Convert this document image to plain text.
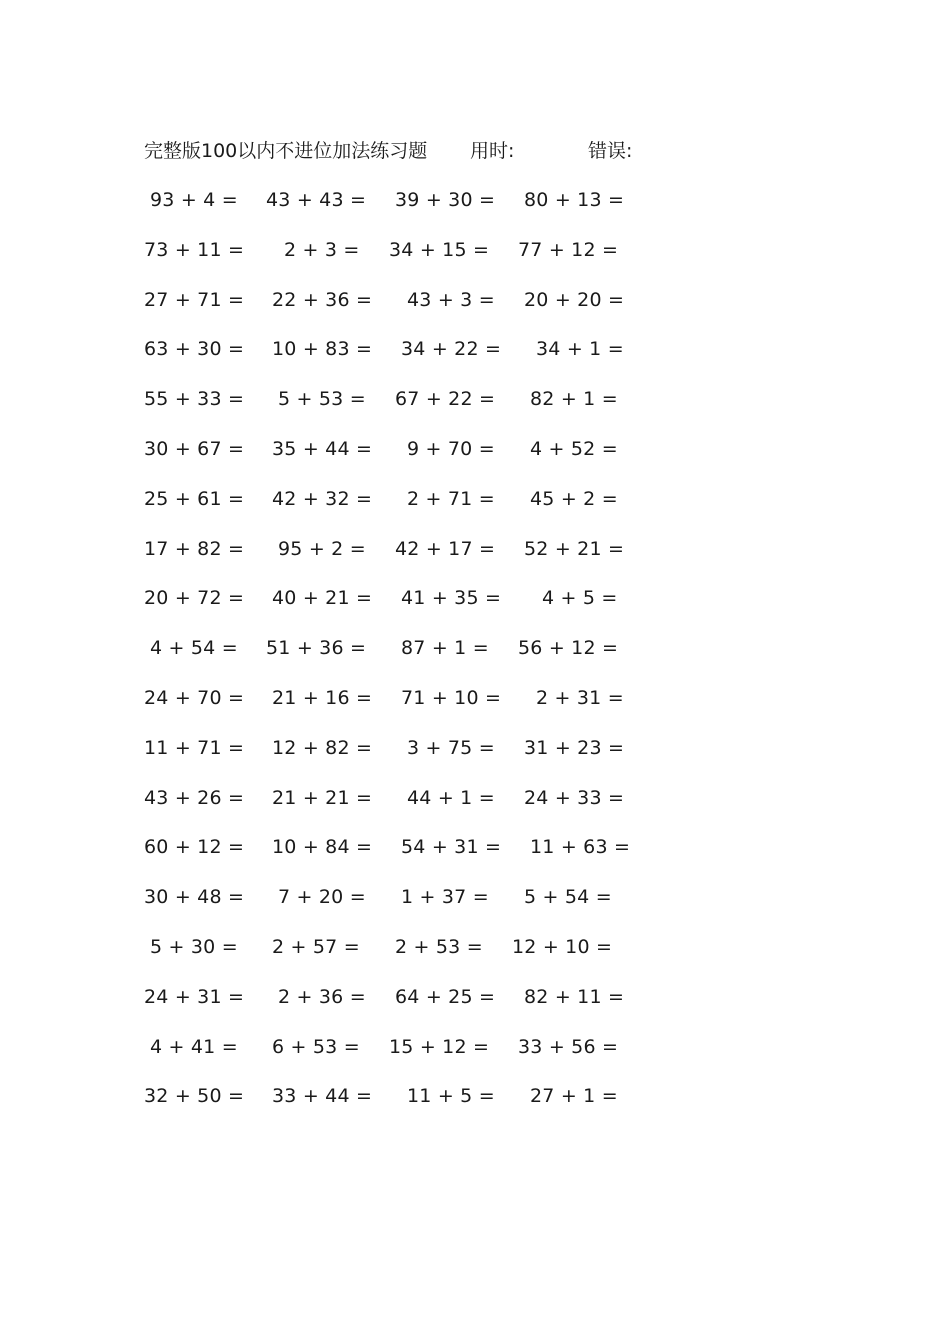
完整版100以内不进位加法练习题 用时:	错误:
93 + 4 = 43 + 43 = 39 + 30 = 80 + 13 =
73 + 11 = 2 + 3 = 34 + 15 = 77 + 12 =
27 + 71 = 22 + 36 = 43 + 3 = 20 + 20 =
63 + 30 = 10 + 83 = 34 + 22 = 34 + 1 =
55 + 33 = 5 + 53 = 67 + 22 = 82 + 1 =
30 + 67 = 35 + 44 = 9 + 70 = 4 + 52 =
25 + 61 = 42 + 32 = 2 + 71 = 45 + 2 =
17 + 82 = 95 + 2 = 42 + 17 = 52 + 21 =
20 + 72 = 40 + 21 = 41 + 35 = 4 + 5 =
4 + 54 = 51 + 36 = 87 + 1 = 56 + 12 =
24 + 70 = 21 + 16 = 71 + 10 = 2 + 31 =
11 + 71 = 12 + 82 = 3 + 75 = 31 + 23 =
43 + 26 = 21 + 21 = 44 + 1 = 24 + 33 =
60 + 12 = 10 + 84 = 54 + 31 = 11 + 63 =
30 + 48 = 7 + 20 = 1 + 37 = 5 + 54 =
5 + 30 = 2 + 57 = 2 + 53 = 12 + 10 =
24 + 31 = 2 + 36 = 64 + 25 = 82 + 11 =
4 + 41 = 6 + 53 = 15 + 12 = 33 + 56 =
32 + 50 = 33 + 44 = 11 + 5 = 27 + 1 =
